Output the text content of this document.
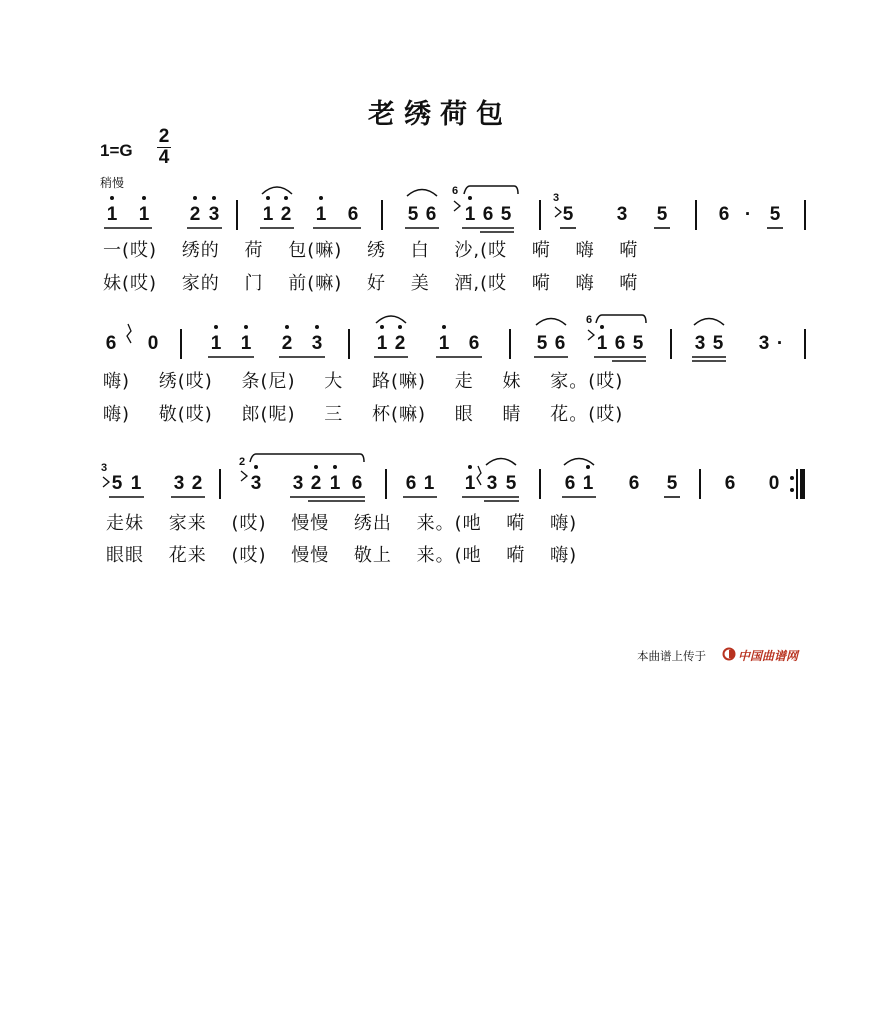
老绣荷包
1=G
2
4
稍慢
1 1 2 3 1 2 1 6	5 6 1 6 5	5 3 5	6 · 5
6
3
一(哎) 绣的 荷 包(嘛) 绣 白 沙,(哎 嗬 嗨 嗬
妹(哎) 家的 门 前(嘛) 好 美 酒,(哎 嗬 嗨 嗬
6 0	1 1 2 3	1 2 1 6	5 6 1 6 5	3 5 3 ·
6
嗨) 绣(哎) 条(尼) 大 路(嘛) 走 妹 家。(哎)
嗨) 敬(哎) 郎(呢) 三 杯(嘛) 眼 睛 花。(哎)
5 1 3 2	3 3 2 1 6 6 1 1 3 5	6 1 6 5 6 0
3	2
走妹 家来 (哎) 慢慢 绣出 来。(吔 嗬 嗨)
眼眼 花来 (哎) 慢慢 敬上 来。(吔 嗬 嗨)
本曲谱上传于	中国曲谱网
